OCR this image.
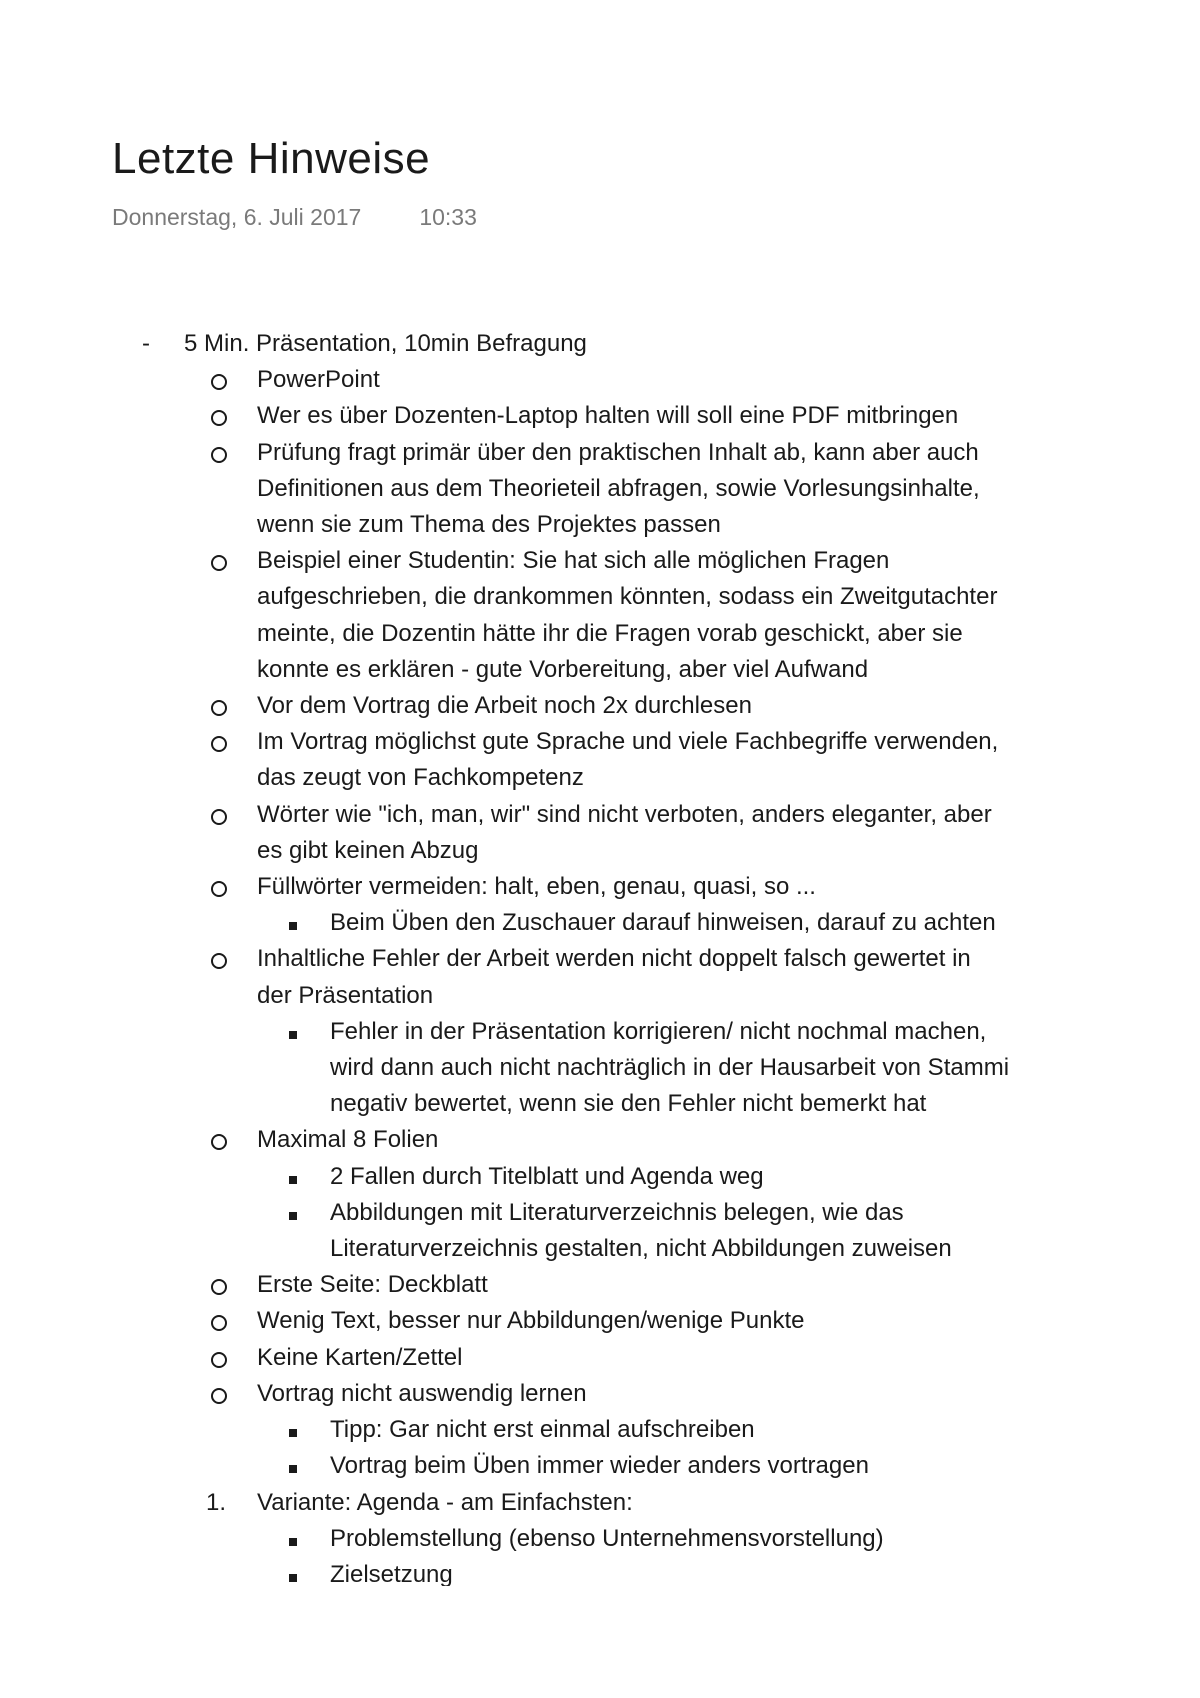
Letzte Hinweise
Donnerstag, 6. Juli 2017	10:33
- 5 Min. Präsentation, 10min Befragung

PowerPoint

Wer es über Dozenten-Laptop halten will soll eine PDF mitbringen

Prüfung fragt primär über den praktischen Inhalt ab, kann aber auch

Definitionen aus dem Theorieteil abfragen, sowie Vorlesungsinhalte,

wenn sie zum Thema des Projektes passen

Beispiel einer Studentin: Sie hat sich alle möglichen Fragen

aufgeschrieben, die drankommen könnten, sodass ein Zweitgutachter

meinte, die Dozentin hätte ihr die Fragen vorab geschickt, aber sie

konnte es erklären - gute Vorbereitung, aber viel Aufwand

Vor dem Vortrag die Arbeit noch 2x durchlesen

Im Vortrag möglichst gute Sprache und viele Fachbegriffe verwenden,

das zeugt von Fachkompetenz

Wörter wie "ich, man, wir" sind nicht verboten, anders eleganter, aber

es gibt keinen Abzug

Füllwörter vermeiden: halt, eben, genau, quasi, so ...

Beim Üben den Zuschauer darauf hinweisen, darauf zu achten

Inhaltliche Fehler der Arbeit werden nicht doppelt falsch gewertet in

der Präsentation

Fehler in der Präsentation korrigieren/ nicht nochmal machen,

wird dann auch nicht nachträglich in der Hausarbeit von Stammi

negativ bewertet, wenn sie den Fehler nicht bemerkt hat

Maximal 8 Folien

2 Fallen durch Titelblatt und Agenda weg

Abbildungen mit Literaturverzeichnis belegen, wie das

Literaturverzeichnis gestalten, nicht Abbildungen zuweisen

Erste Seite: Deckblatt

Wenig Text, besser nur Abbildungen/wenige Punkte

Keine Karten/Zettel

Vortrag nicht auswendig lernen

Tipp: Gar nicht erst einmal aufschreiben

Vortrag beim Üben immer wieder anders vortragen

1. Variante: Agenda - am Einfachsten:

Problemstellung (ebenso Unternehmensvorstellung)

Zielsetzung
